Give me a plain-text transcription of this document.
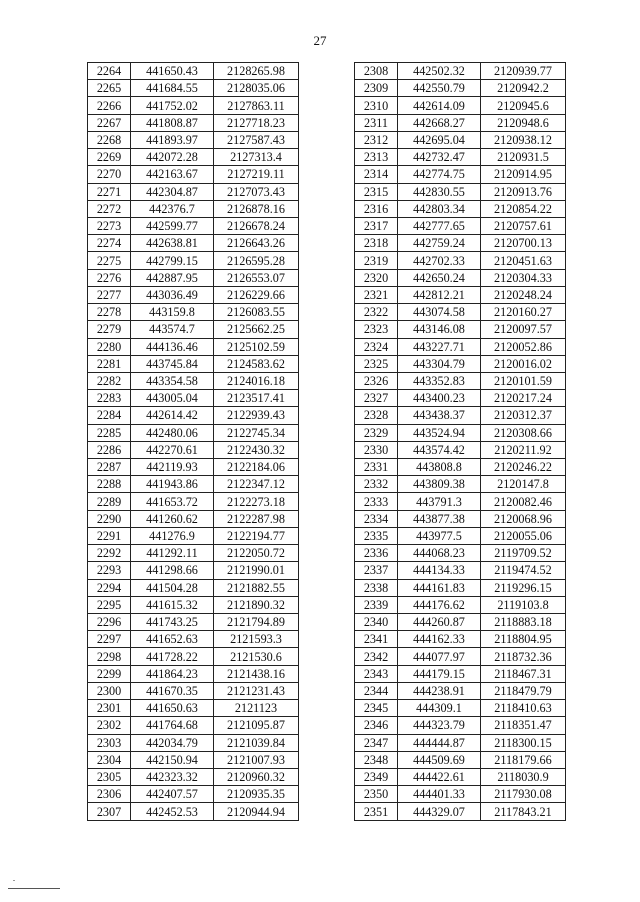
27
2264	441650.43	2128265.98
2265	441684.55	2128035.06
2266	441752.02	2127863.11
2267	441808.87	2127718.23
2268	441893.97	2127587.43
2269	442072.28	2127313.4
2270	442163.67	2127219.11
2271	442304.87	2127073.43
2272	442376.7	2126878.16
2273	442599.77	2126678.24
2274	442638.81	2126643.26
2275	442799.15	2126595.28
2276	442887.95	2126553.07
2277	443036.49	2126229.66
2278	443159.8	2126083.55
2279	443574.7	2125662.25
2280	444136.46	2125102.59
2281	443745.84	2124583.62
2282	443354.58	2124016.18
2283	443005.04	2123517.41
2284	442614.42	2122939.43
2285	442480.06	2122745.34
2286	442270.61	2122430.32
2287	442119.93	2122184.06
2288	441943.86	2122347.12
2289	441653.72	2122273.18
2290	441260.62	2122287.98
2291	441276.9	2122194.77
2292	441292.11	2122050.72
2293	441298.66	2121990.01
2294	441504.28	2121882.55
2295	441615.32	2121890.32
2296	441743.25	2121794.89
2297	441652.63	2121593.3
2298	441728.22	2121530.6
2299	441864.23	2121438.16
2300	441670.35	2121231.43
2301	441650.63	2121123
2302	441764.68	2121095.87
2303	442034.79	2121039.84
2304	442150.94	2121007.93
2305	442323.32	2120960.32
2306	442407.57	2120935.35
2307	442452.53	2120944.94
2308	442502.32	2120939.77
2309	442550.79	2120942.2
2310	442614.09	2120945.6
2311	442668.27	2120948.6
2312	442695.04	2120938.12
2313	442732.47	2120931.5
2314	442774.75	2120914.95
2315	442830.55	2120913.76
2316	442803.34	2120854.22
2317	442777.65	2120757.61
2318	442759.24	2120700.13
2319	442702.33	2120451.63
2320	442650.24	2120304.33
2321	442812.21	2120248.24
2322	443074.58	2120160.27
2323	443146.08	2120097.57
2324	443227.71	2120052.86
2325	443304.79	2120016.02
2326	443352.83	2120101.59
2327	443400.23	2120217.24
2328	443438.37	2120312.37
2329	443524.94	2120308.66
2330	443574.42	2120211.92
2331	443808.8	2120246.22
2332	443809.38	2120147.8
2333	443791.3	2120082.46
2334	443877.38	2120068.96
2335	443977.5	2120055.06
2336	444068.23	2119709.52
2337	444134.33	2119474.52
2338	444161.83	2119296.15
2339	444176.62	2119103.8
2340	444260.87	2118883.18
2341	444162.33	2118804.95
2342	444077.97	2118732.36
2343	444179.15	2118467.31
2344	444238.91	2118479.79
2345	444309.1	2118410.63
2346	444323.79	2118351.47
2347	444444.87	2118300.15
2348	444509.69	2118179.66
2349	444422.61	2118030.9
2350	444401.33	2117930.08
2351	444329.07	2117843.21
